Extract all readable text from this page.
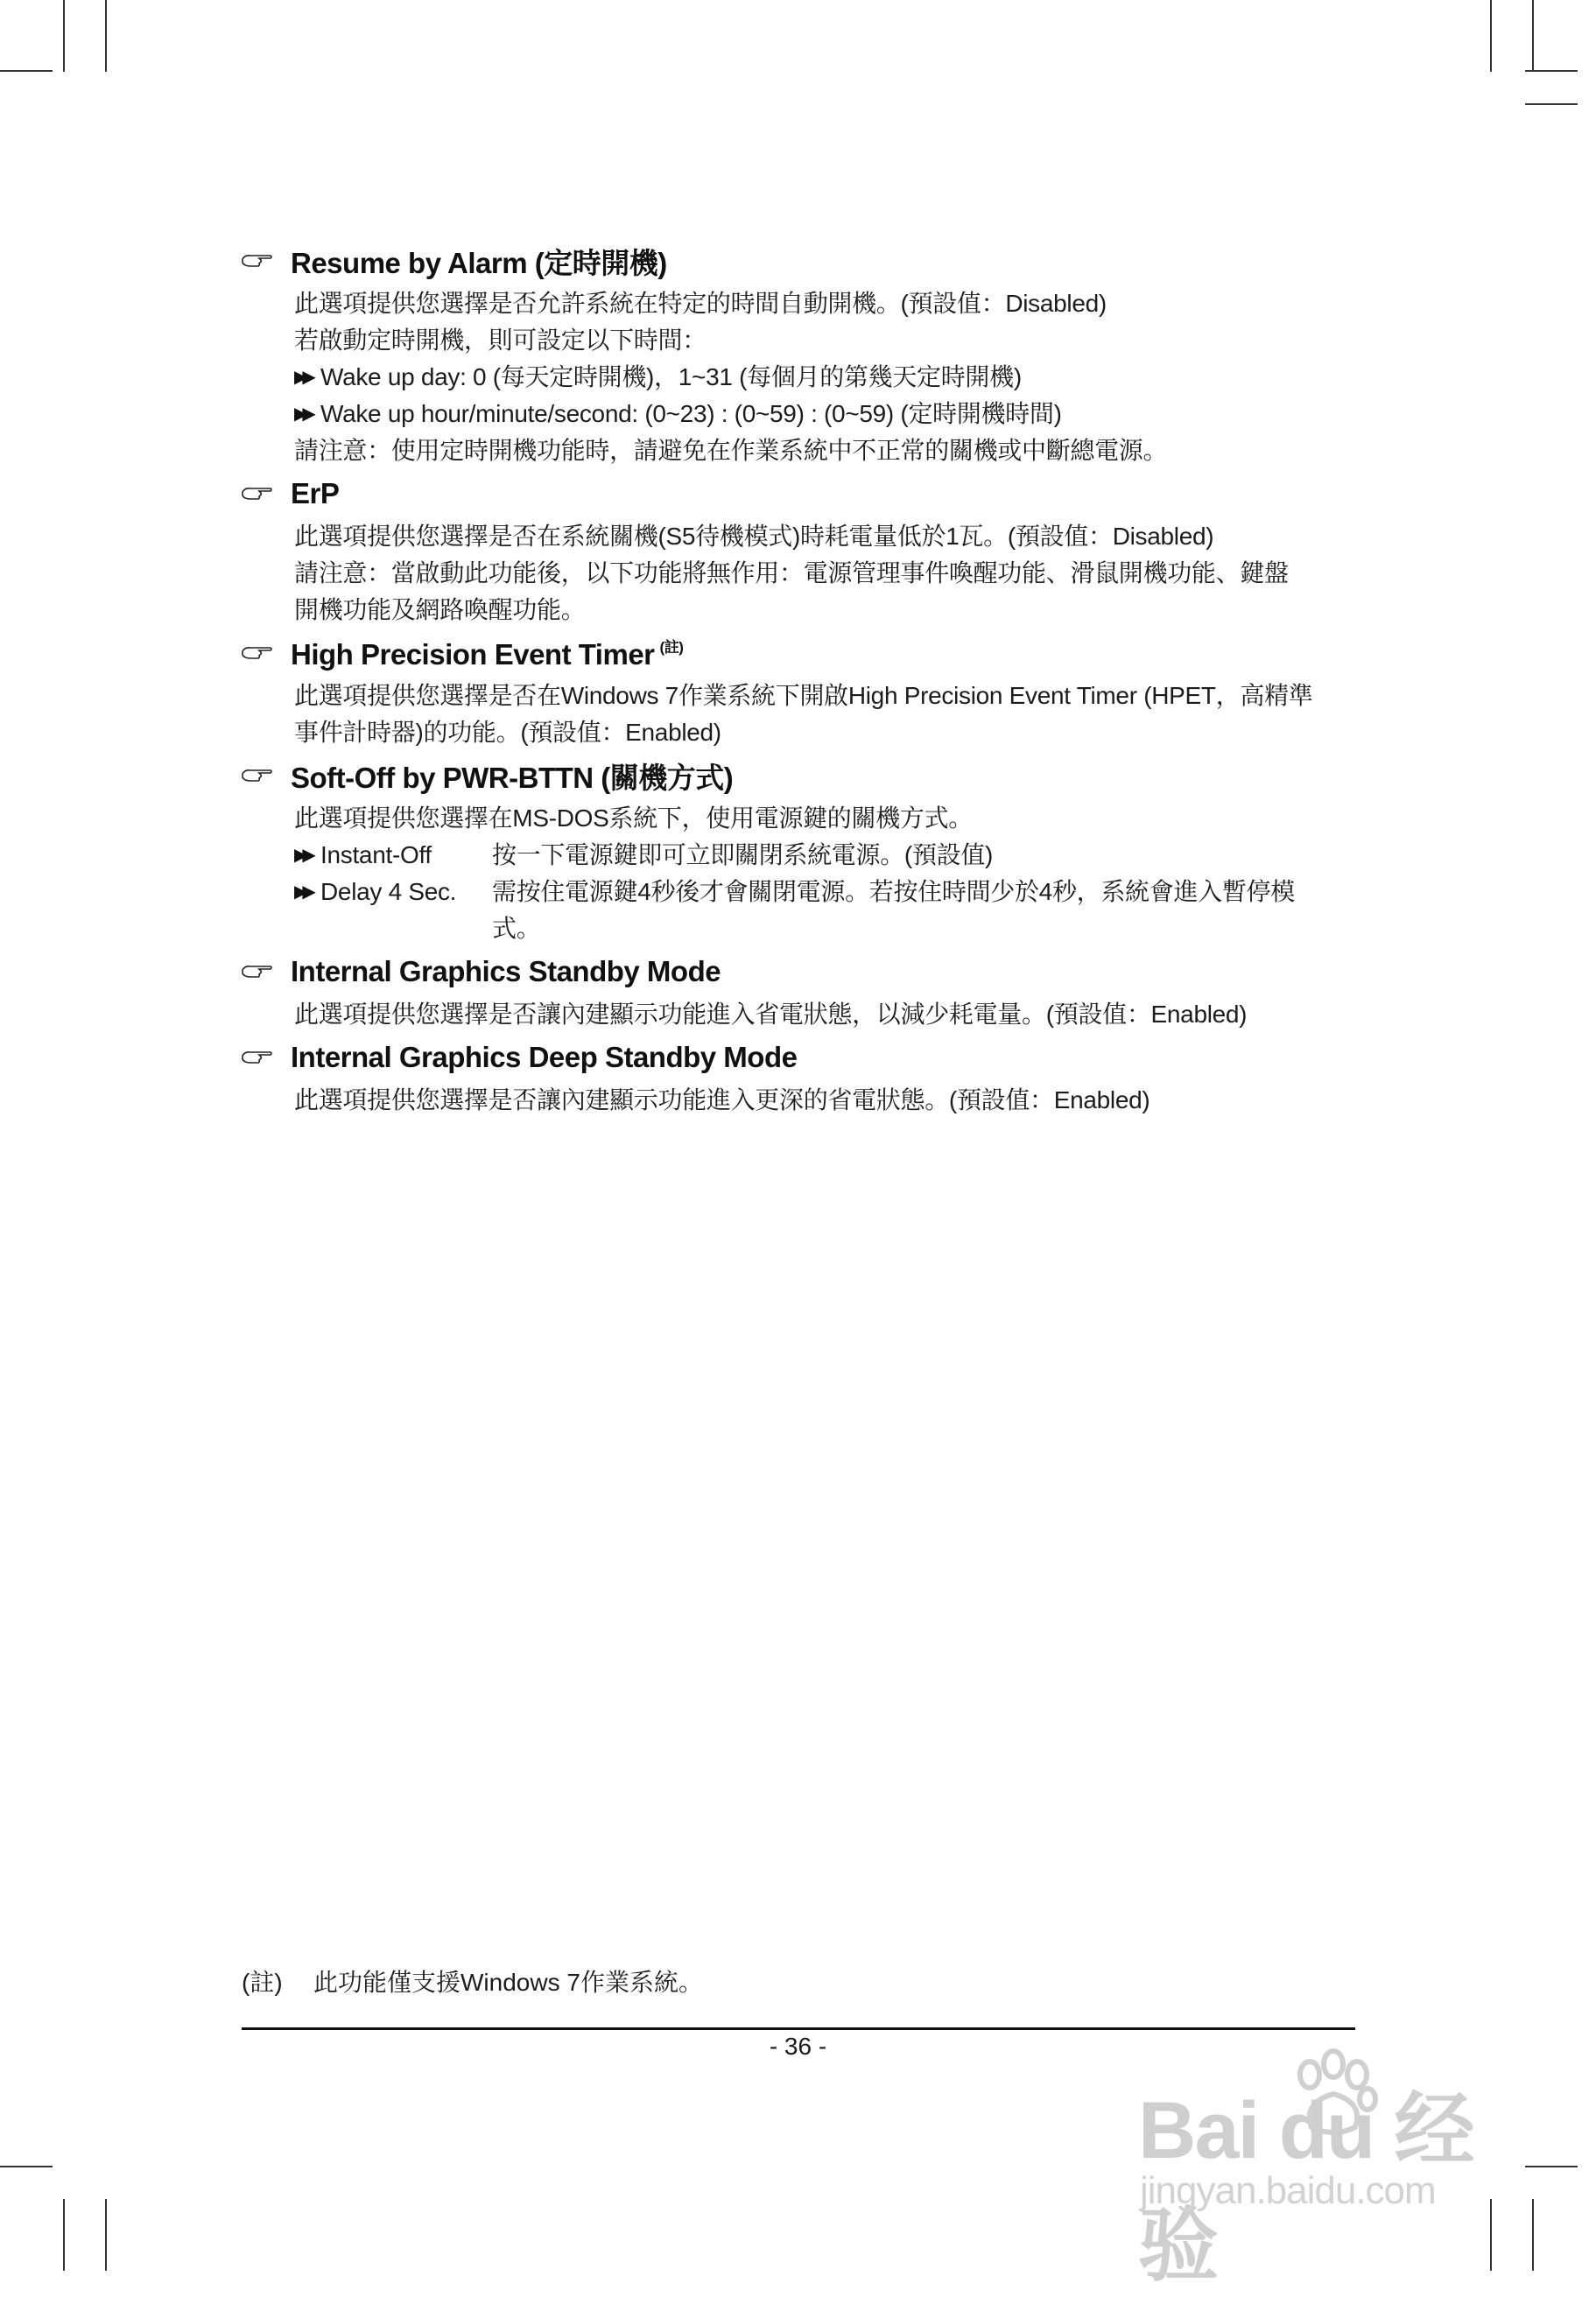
Resume by Alarm (定時開機)
此選項提供您選擇是否允許系統在特定的時間自動開機。(預設值：Disabled)
若啟動定時開機，則可設定以下時間：
▶▶ Wake up day: 0 (每天定時開機)，1~31 (每個月的第幾天定時開機)
▶▶ Wake up hour/minute/second: (0~23) : (0~59) : (0~59) (定時開機時間)
請注意：使用定時開機功能時，請避免在作業系統中不正常的關機或中斷總電源。
ErP
此選項提供您選擇是否在系統關機(S5待機模式)時耗電量低於1瓦。(預設值：Disabled)
請注意：當啟動此功能後，以下功能將無作用：電源管理事件喚醒功能、滑鼠開機功能、鍵盤
開機功能及網路喚醒功能。
High Precision Event Timer $^{(註)}$
此選項提供您選擇是否在Windows 7作業系統下開啟High Precision Event Timer (HPET，高精準
事件計時器)的功能。(預設值：Enabled)
Soft-Off by PWR-BTTN (關機方式)
此選項提供您選擇在MS-DOS系統下，使用電源鍵的關機方式。
▶▶ Instant-Off	按一下電源鍵即可立即關閉系統電源。(預設值)
▶▶ Delay 4 Sec.	需按住電源鍵4秒後才會關閉電源。若按住時間少於4秒，系統會進入暫停模
式。
Internal Graphics Standby Mode
此選項提供您選擇是否讓內建顯示功能進入省電狀態，以減少耗電量。(預設值：Enabled)
Internal Graphics Deep Standby Mode
此選項提供您選擇是否讓內建顯示功能進入更深的省電狀態。(預設值：Enabled)
(註) 此功能僅支援Windows 7作業系統。
- 36 -
Bai du 经验
jingyan.baidu.com
